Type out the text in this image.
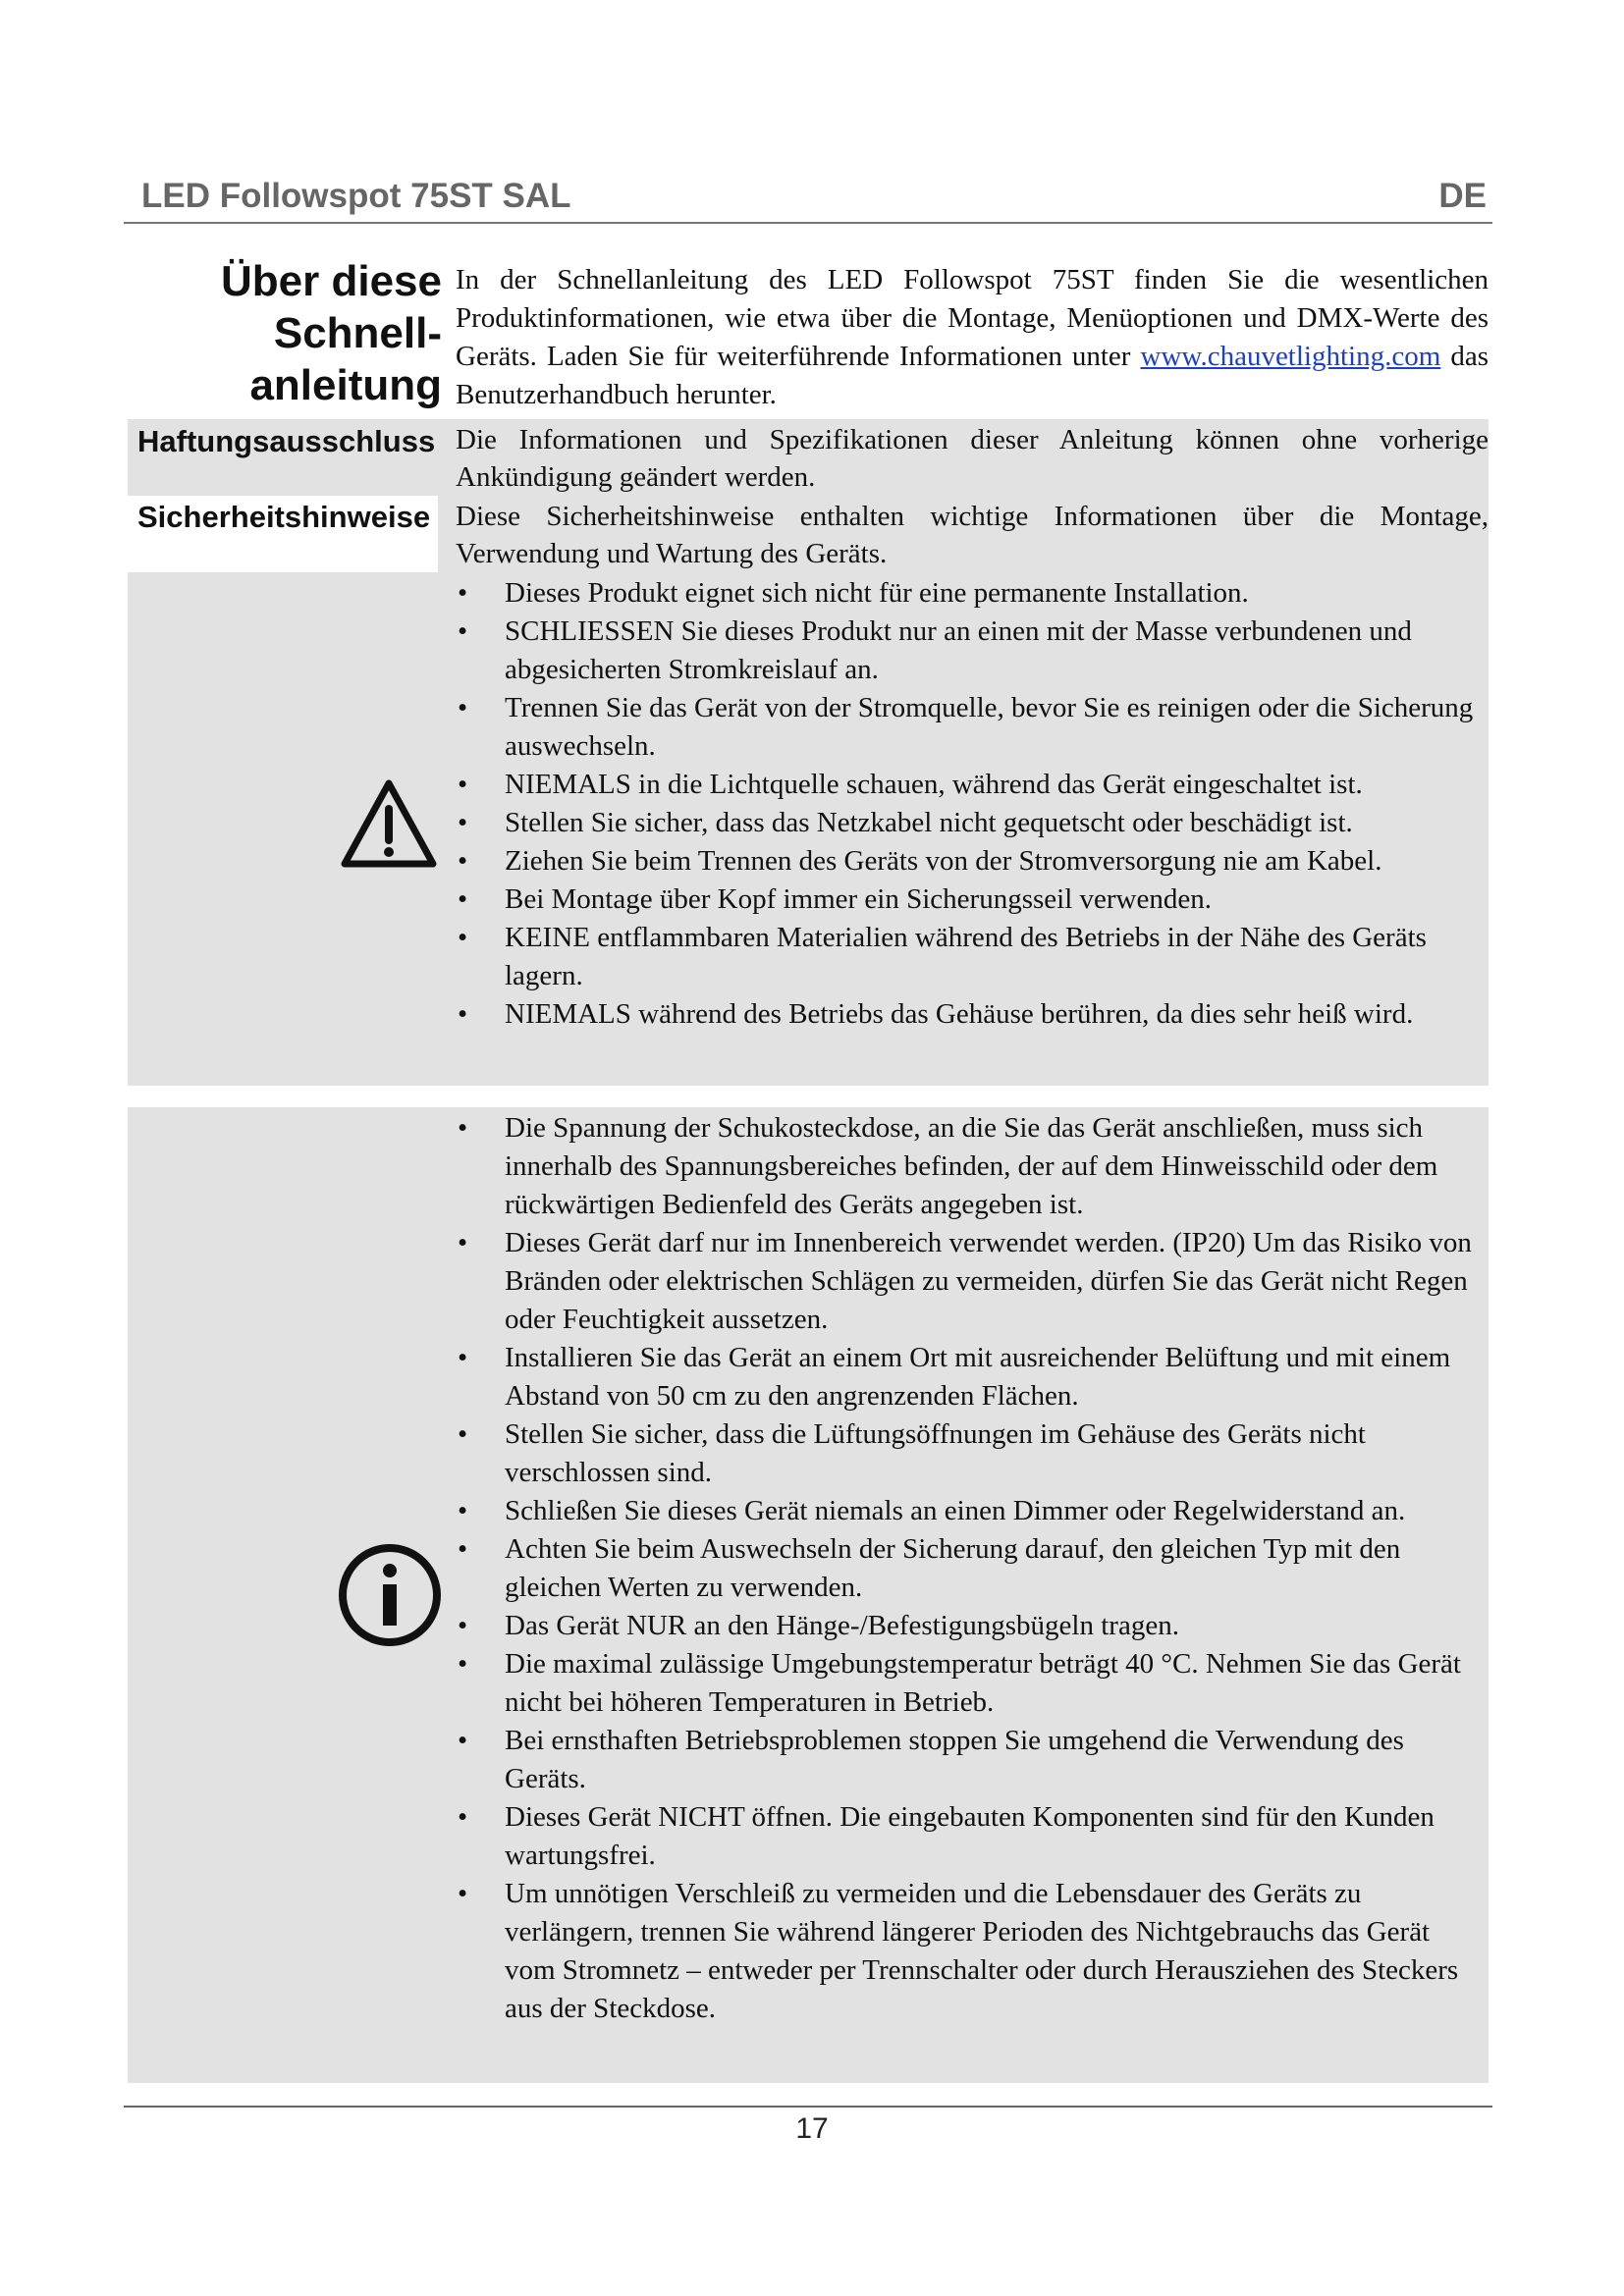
LED Followspot 75ST SAL	DE
Über diese
Schnell-
anleitung
In der Schnellanleitung des LED Followspot 75ST finden Sie die wesentlichen Produktinformationen, wie etwa über die Montage, Menüoptionen und DMX-Werte des Geräts. Laden Sie für weiterführende Informationen unter www.chauvetlighting.com das Benutzerhandbuch herunter.
Haftungsausschluss Die Informationen und Spezifikationen dieser Anleitung können ohne vorherige Ankündigung geändert werden.
Sicherheitshinweise Diese Sicherheitshinweise enthalten wichtige Informationen über die Montage, Verwendung und Wartung des Geräts.
• Dieses Produkt eignet sich nicht für eine permanente Installation.
• SCHLIESSEN Sie dieses Produkt nur an einen mit der Masse verbundenen und abgesicherten Stromkreislauf an.
• Trennen Sie das Gerät von der Stromquelle, bevor Sie es reinigen oder die Sicherung auswechseln.
• NIEMALS in die Lichtquelle schauen, während das Gerät eingeschaltet ist.
• Stellen Sie sicher, dass das Netzkabel nicht gequetscht oder beschädigt ist.
• Ziehen Sie beim Trennen des Geräts von der Stromversorgung nie am Kabel.
• Bei Montage über Kopf immer ein Sicherungsseil verwenden.
• KEINE entflammbaren Materialien während des Betriebs in der Nähe des Geräts lagern.
• NIEMALS während des Betriebs das Gehäuse berühren, da dies sehr heiß wird.
• Die Spannung der Schukosteckdose, an die Sie das Gerät anschließen, muss sich innerhalb des Spannungsbereiches befinden, der auf dem Hinweisschild oder dem rückwärtigen Bedienfeld des Geräts angegeben ist.
• Dieses Gerät darf nur im Innenbereich verwendet werden. (IP20) Um das Risiko von Bränden oder elektrischen Schlägen zu vermeiden, dürfen Sie das Gerät nicht Regen oder Feuchtigkeit aussetzen.
• Installieren Sie das Gerät an einem Ort mit ausreichender Belüftung und mit einem Abstand von 50 cm zu den angrenzenden Flächen.
• Stellen Sie sicher, dass die Lüftungsöffnungen im Gehäuse des Geräts nicht verschlossen sind.
• Schließen Sie dieses Gerät niemals an einen Dimmer oder Regelwiderstand an.
• Achten Sie beim Auswechseln der Sicherung darauf, den gleichen Typ mit den gleichen Werten zu verwenden.
• Das Gerät NUR an den Hänge-/Befestigungsbügeln tragen.
• Die maximal zulässige Umgebungstemperatur beträgt 40 °C. Nehmen Sie das Gerät nicht bei höheren Temperaturen in Betrieb.
• Bei ernsthaften Betriebsproblemen stoppen Sie umgehend die Verwendung des Geräts.
• Dieses Gerät NICHT öffnen. Die eingebauten Komponenten sind für den Kunden wartungsfrei.
• Um unnötigen Verschleiß zu vermeiden und die Lebensdauer des Geräts zu verlängern, trennen Sie während längerer Perioden des Nichtgebrauchs das Gerät vom Stromnetz – entweder per Trennschalter oder durch Herausziehen des Steckers aus der Steckdose.
17
